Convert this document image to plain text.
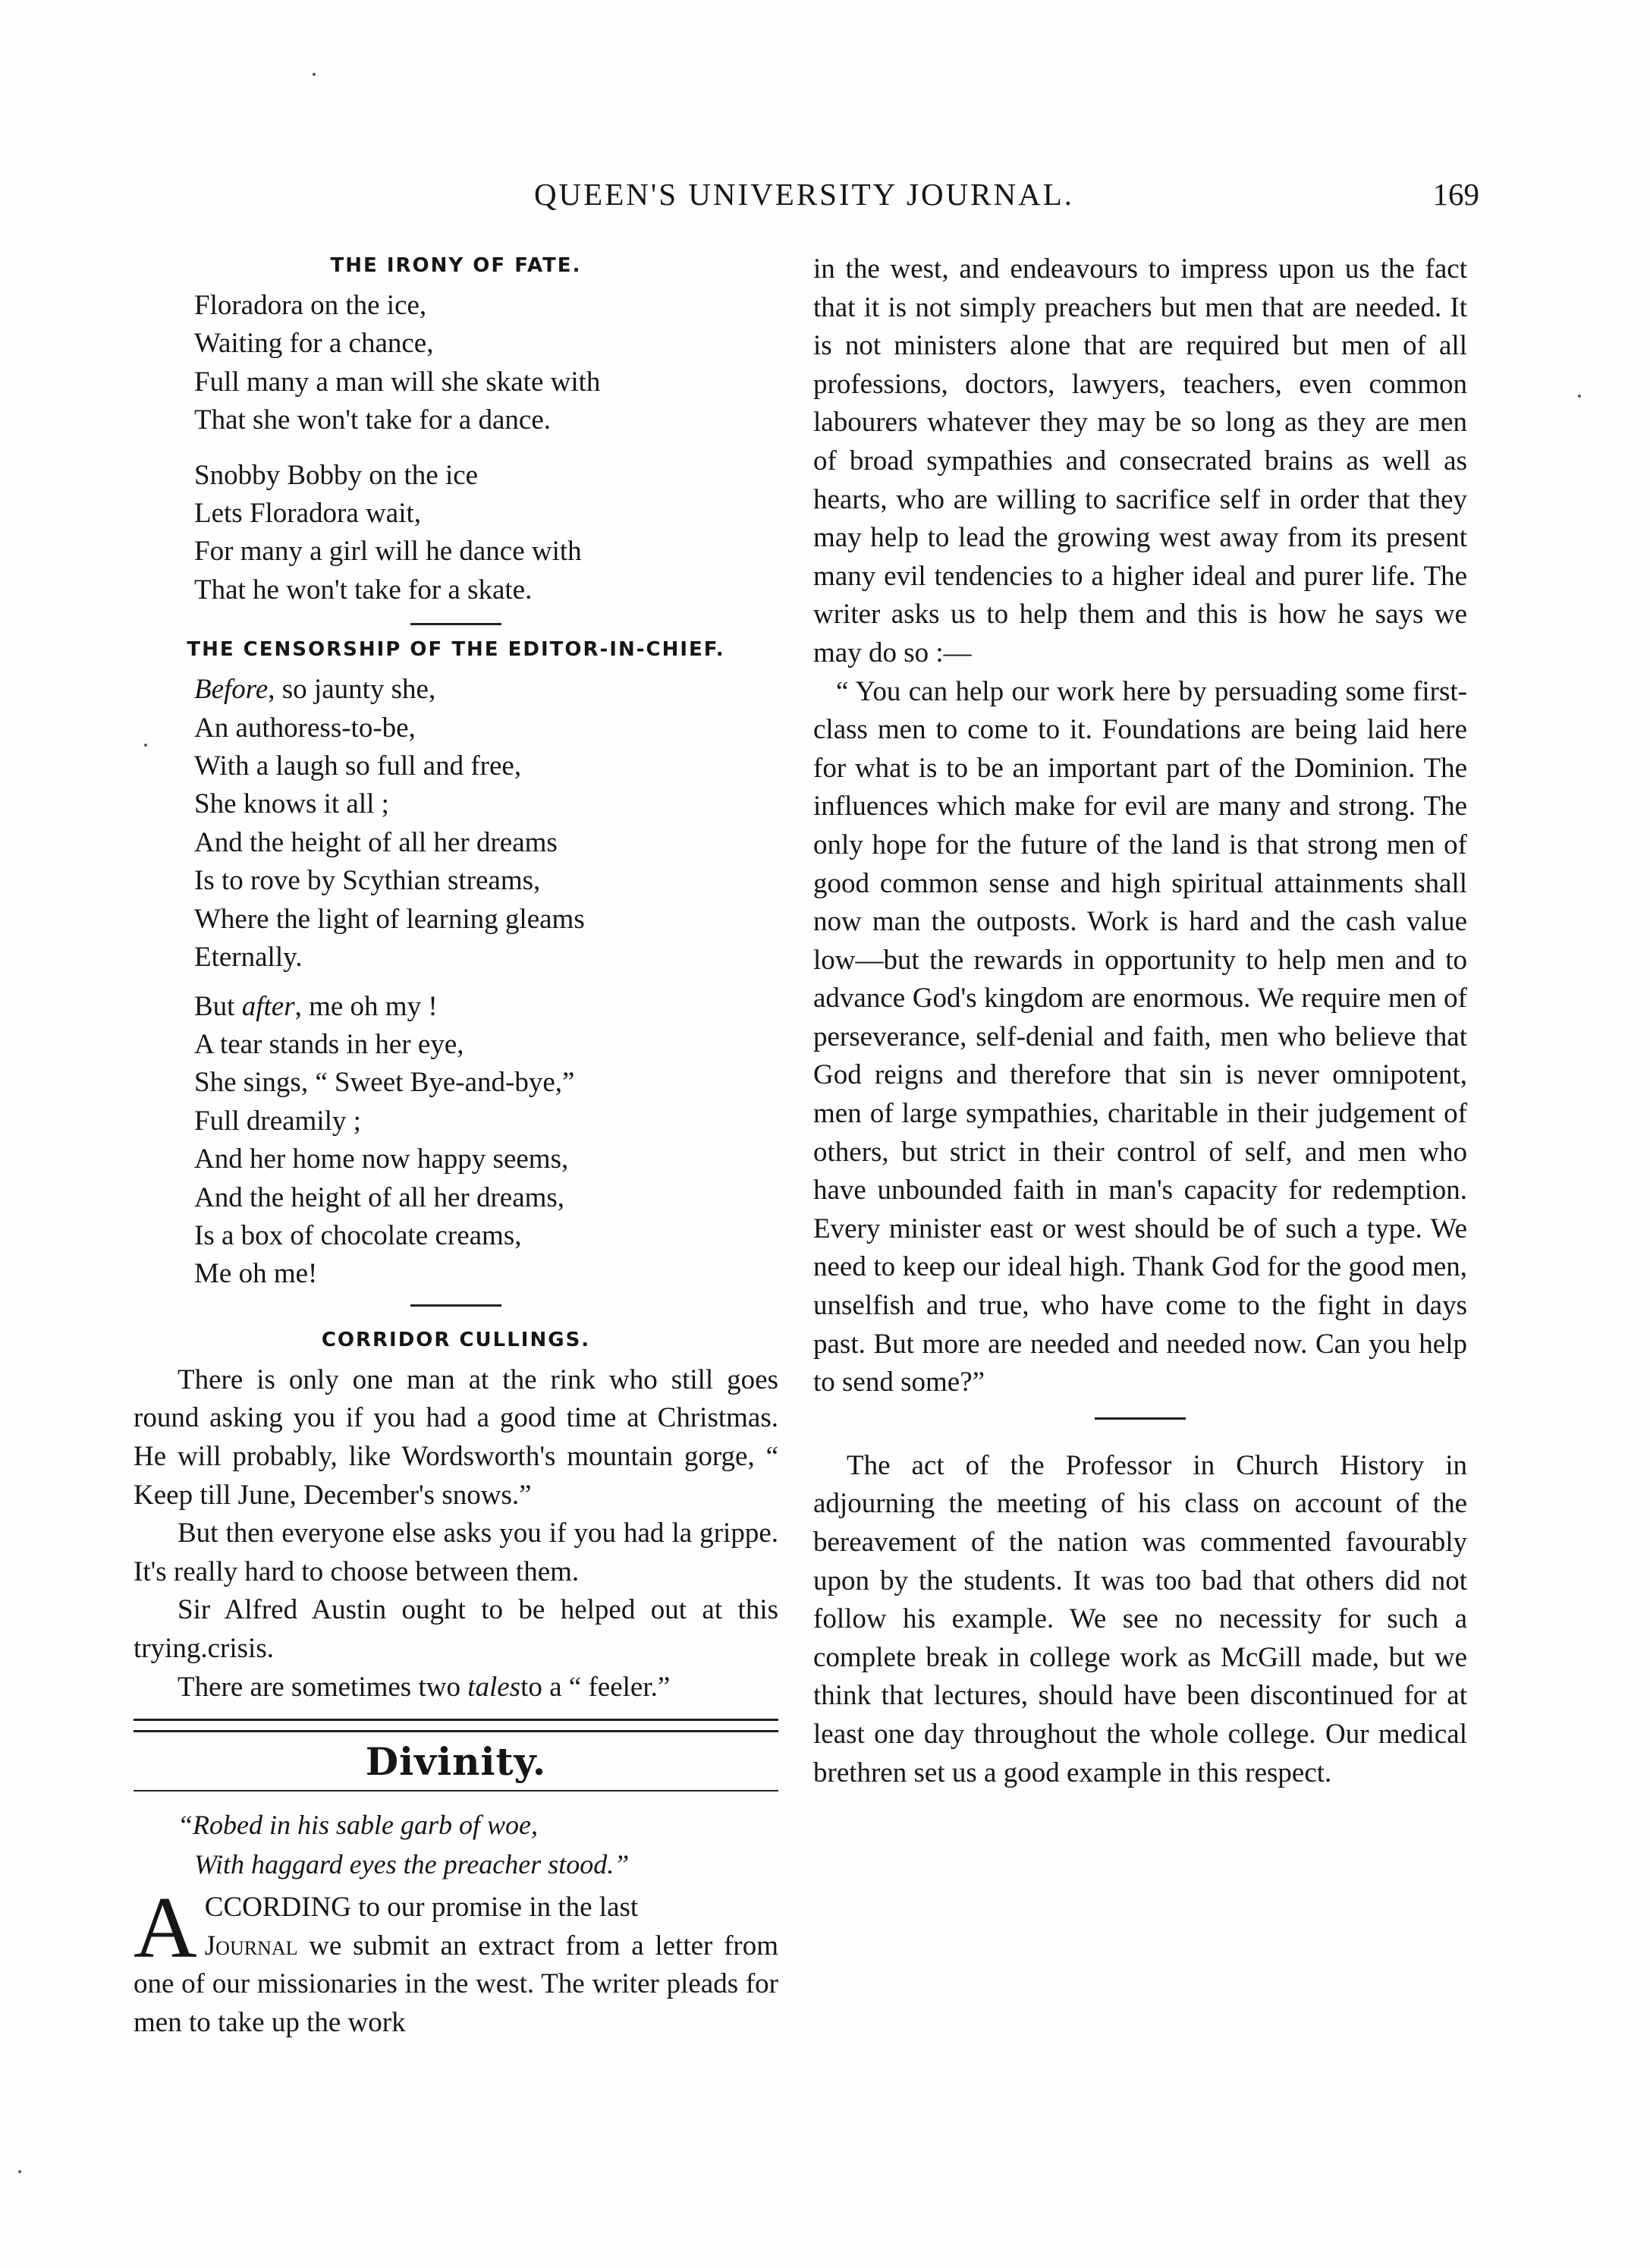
QUEEN'S UNIVERSITY JOURNAL.	169
THE IRONY OF FATE.
Floradora on the ice,
Waiting for a chance,
Full many a man will she skate with
That she won't take for a dance.
Snobby Bobby on the ice
Lets Floradora wait,
For many a girl will he dance with
That he won't take for a skate.
THE CENSORSHIP OF THE EDITOR-IN-CHIEF.
Before, so jaunty she,
An authoress-to-be,
With a laugh so full and free,
She knows it all ;
And the height of all her dreams
Is to rove by Scythian streams,
Where the light of learning gleams
Eternally.
But after, me oh my !
A tear stands in her eye,
She sings, “ Sweet Bye-and-bye,”
Full dreamily ;
And her home now happy seems,
And the height of all her dreams,
Is a box of chocolate creams,
Me oh me!
CORRIDOR CULLINGS.

There is only one man at the rink who still goes round asking you if you had a good time at Christmas. He will probably, like Wordsworth's mountain gorge, “ Keep till June, December's snows.”

But then everyone else asks you if you had la grippe. It's really hard to choose between them.

Sir Alfred Austin ought to be helped out at this trying.crisis.

There are sometimes two talesto a “ feeler.”

Divinity.
“Robed in his sable garb of woe,
With haggard eyes the preacher stood.”

ACCORDING to our promise in the last
Journal we submit an extract from a letter from one of our missionaries in the west. The writer pleads for men to take up the work

in the west, and endeavours to impress upon us the fact that it is not simply preachers but men that are needed. It is not ministers alone that are required but men of all professions, doctors, lawyers, teachers, even common labourers whatever they may be so long as they are men of broad sympathies and consecrated brains as well as hearts, who are willing to sacrifice self in order that they may help to lead the growing west away from its present many evil tendencies to a higher ideal and purer life. The writer asks us to help them and this is how he says we may do so :—

“ You can help our work here by persuading some first-class men to come to it. Foundations are being laid here for what is to be an important part of the Dominion. The influences which make for evil are many and strong. The only hope for the future of the land is that strong men of good common sense and high spiritual attainments shall now man the outposts. Work is hard and the cash value low—but the rewards in opportunity to help men and to advance God's kingdom are enormous. We require men of perseverance, self-denial and faith, men who believe that God reigns and therefore that sin is never omnipotent, men of large sympathies, charitable in their judgement of others, but strict in their control of self, and men who have unbounded faith in man's capacity for redemption. Every minister east or west should be of such a type. We need to keep our ideal high. Thank God for the good men, unselfish and true, who have come to the fight in days past. But more are needed and needed now. Can you help to send some?”

The act of the Professor in Church History in adjourning the meeting of his class on account of the bereavement of the nation was commented favourably upon by the students. It was too bad that others did not follow his example. We see no necessity for such a complete break in college work as McGill made, but we think that lectures, should have been discontinued for at least one day throughout the whole college. Our medical brethren set us a good example in this respect.
